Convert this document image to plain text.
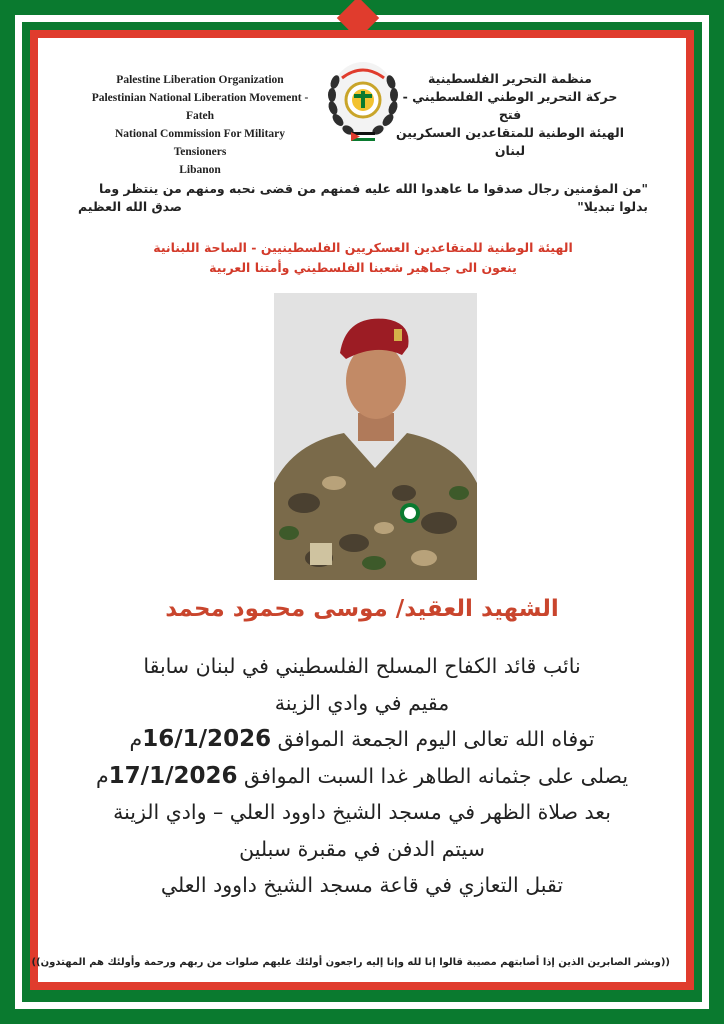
Palestine Liberation Organization
Palestinian National Liberation Movement - Fateh
National Commission For Military Tensioners
Libanon
منظمة التحرير الفلسطينية
حركة التحرير الوطني الفلسطيني - فتح
الهيئة الوطنية للمتقاعدين العسكريين
لبنان
"من المؤمنين رجال صدقوا ما عاهدوا الله عليه فمنهم من قضى نحبه ومنهم من ينتظر وما بدلوا تبديلا"
صدق الله العظيم
الهيئة الوطنية للمتقاعدين العسكريين الفلسطينيين - الساحة اللبنانية
ينعون الى جماهير شعبنا الفلسطيني وأمتنا العربية
الشهيد العقيد/ موسى محمود محمد
نائب قائد الكفاح المسلح الفلسطيني في لبنان سابقا
مقيم في وادي الزينة
توفاه الله تعالى اليوم الجمعة الموافق 16/1/2026م
يصلى على جثمانه الطاهر غدا السبت الموافق 17/1/2026م
بعد صلاة الظهر في مسجد الشيخ داوود العلي – وادي الزينة
سيتم الدفن في مقبرة سبلين
تقبل التعازي في قاعة مسجد الشيخ داوود العلي
((وبشر الصابرين الذين إذا أصابتهم مصيبة قالوا إنا لله وإنا إليه راجعون أولئك عليهم صلوات من ربهم ورحمة وأولئك هم المهتدون))
